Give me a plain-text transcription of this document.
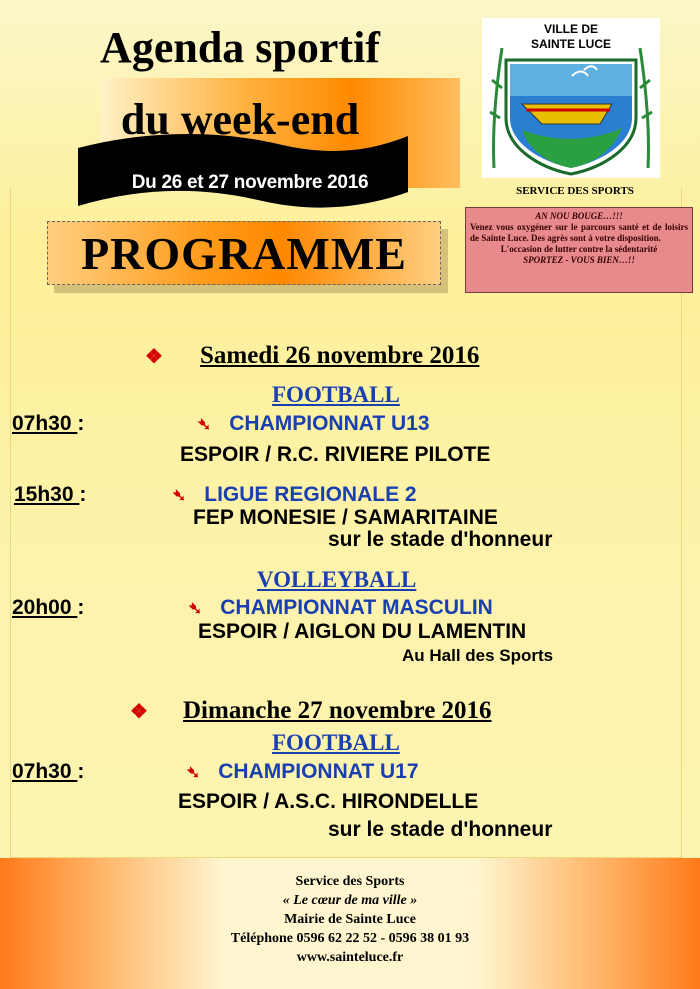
Agenda sportif
du week-end
Du 26 et 27 novembre 2016
PROGRAMME
VILLE DE
SAINTE LUCE
SERVICE DES SPORTS
AN NOU BOUGE…!!!
Venez vous oxygéner sur le parcours santé et de loisirs de Sainte Luce. Des agrès sont à votre disposition.
L'occasion de lutter contre la sédentarité
SPORTEZ - VOUS BIEN…!!
❖ Samedi 26 novembre 2016
FOOTBALL
07h30 :	➴ CHAMPIONNAT U13
ESPOIR / R.C. RIVIERE PILOTE
15h30 :	➴ LIGUE REGIONALE 2
FEP MONESIE / SAMARITAINE
sur le stade d'honneur
VOLLEYBALL
20h00 :	➴ CHAMPIONNAT MASCULIN
ESPOIR / AIGLON DU LAMENTIN
Au Hall des Sports
❖ Dimanche 27 novembre 2016
FOOTBALL
07h30 :	➴ CHAMPIONNAT U17
ESPOIR / A.S.C. HIRONDELLE
sur le stade d'honneur
Service des Sports
« Le cœur de ma ville »
Mairie de Sainte Luce
Téléphone 0596 62 22 52 - 0596 38 01 93
www.sainteluce.fr
